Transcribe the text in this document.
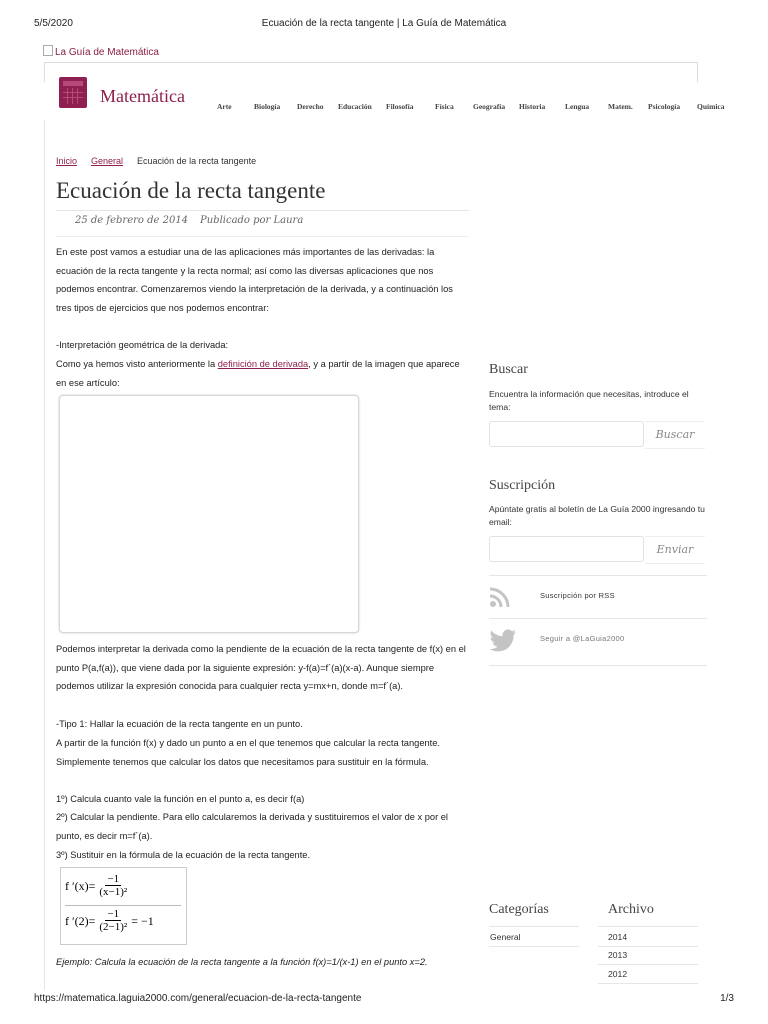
5/5/2020	Ecuación de la recta tangente | La Guía de Matemática
https://matematica.laguia2000.com/general/ecuacion-de-la-recta-tangente	1/3
La Guía de Matemática
Matemática
Arte	Biología Derecho Educación Filosofía	Física	Geografía Historia	Lengua	Matem. Psicología Química
Inicio General Ecuación de la recta tangente
Ecuación de la recta tangente
25 de febrero de 2014 Publicado por Laura
En este post vamos a estudiar una de las aplicaciones más importantes de las derivadas: la ecuación de la recta tangente y la recta normal; así como las diversas aplicaciones que nos podemos encontrar. Comenzaremos viendo la interpretación de la derivada, y a continuación los tres tipos de ejercicios que nos podemos encontrar:
-Interpretación geométrica de la derivada:
Como ya hemos visto anteriormente la definición de derivada, y a partir de la imagen que aparece en ese artículo:
Podemos interpretar la derivada como la pendiente de la ecuación de la recta tangente de f(x) en el punto P(a,f(a)), que viene dada por la siguiente expresión: y-f(a)=f´(a)(x-a). Aunque siempre podemos utilizar la expresión conocida para cualquier recta y=mx+n, donde m=f´(a).
-Tipo 1: Hallar la ecuación de la recta tangente en un punto.
A partir de la función f(x) y dado un punto a en el que tenemos que calcular la recta tangente. Simplemente tenemos que calcular los datos que necesitamos para sustituir en la fórmula.
1º) Calcula cuanto vale la función en el punto a, es decir f(a)
2º) Calcular la pendiente. Para ello calcularemos la derivada y sustituiremos el valor de x por el punto, es decir m=f´(a).
3º) Sustituir en la fórmula de la ecuación de la recta tangente.
f $'(x)= \frac{-1}{\text{(x−1)²}}$
f $'(2)= \frac{-1}{\text{(2−1)²}} = -1$
Ejemplo: Calcula la ecuación de la recta tangente a la función f(x)=1/(x-1) en el punto x=2.
Buscar
Encuentra la información que necesitas, introduce el tema:
Buscar
Suscripción
Apúntate gratis al boletín de La Guía 2000 ingresando tu email:
Enviar
Suscripción por RSS
Seguir a @LaGuia2000
Categorías
General
Archivo
2014
2013
2012
